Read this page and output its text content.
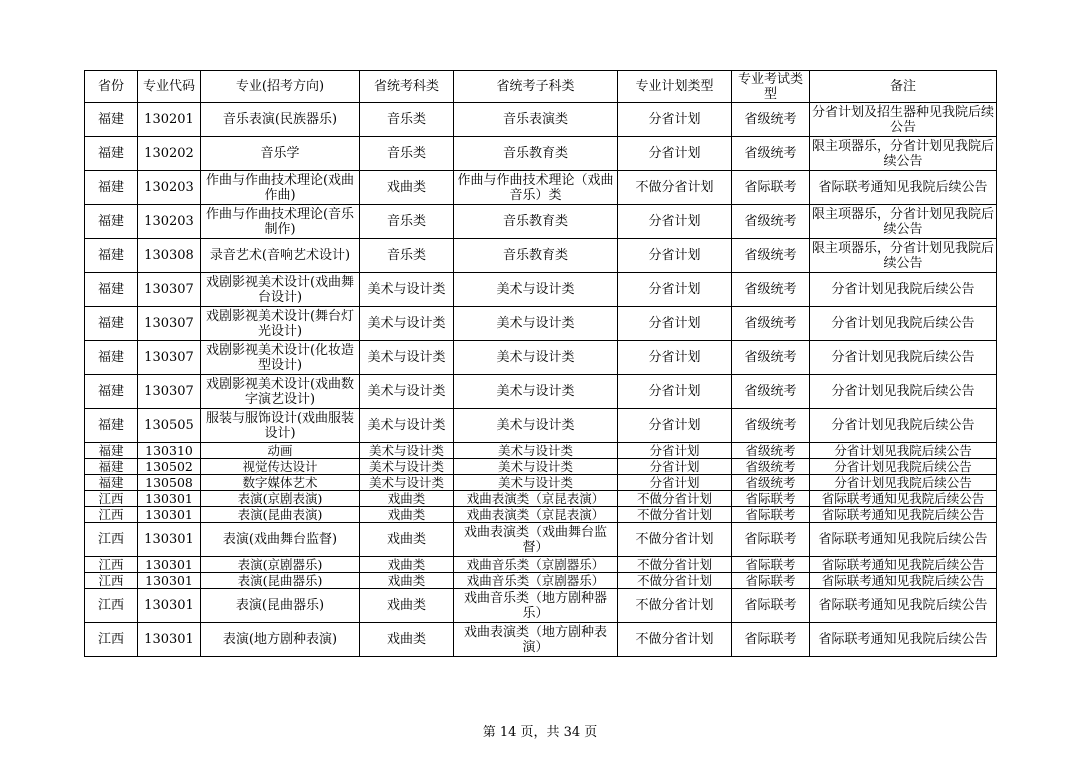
省份	专业代码	专业(招考方向)	省统考科类	省统考子科类	专业计划类型	专业考试类型	备注
福建	130201	音乐表演(民族器乐)	音乐类	音乐表演类	分省计划	省级统考	分省计划及招生器种见我院后续公告
福建	130202	音乐学	音乐类	音乐教育类	分省计划	省级统考	限主项器乐，分省计划见我院后续公告
福建	130203	作曲与作曲技术理论(戏曲作曲)	戏曲类	作曲与作曲技术理论（戏曲音乐）类	不做分省计划	省际联考	省际联考通知见我院后续公告
福建	130203	作曲与作曲技术理论(音乐制作)	音乐类	音乐教育类	分省计划	省级统考	限主项器乐，分省计划见我院后续公告
福建	130308	录音艺术(音响艺术设计)	音乐类	音乐教育类	分省计划	省级统考	限主项器乐，分省计划见我院后续公告
福建	130307	戏剧影视美术设计(戏曲舞台设计)	美术与设计类	美术与设计类	分省计划	省级统考	分省计划见我院后续公告
福建	130307	戏剧影视美术设计(舞台灯光设计)	美术与设计类	美术与设计类	分省计划	省级统考	分省计划见我院后续公告
福建	130307	戏剧影视美术设计(化妆造型设计)	美术与设计类	美术与设计类	分省计划	省级统考	分省计划见我院后续公告
福建	130307	戏剧影视美术设计(戏曲数字演艺设计)	美术与设计类	美术与设计类	分省计划	省级统考	分省计划见我院后续公告
福建	130505	服装与服饰设计(戏曲服装设计)	美术与设计类	美术与设计类	分省计划	省级统考	分省计划见我院后续公告
福建	130310	动画	美术与设计类	美术与设计类	分省计划	省级统考	分省计划见我院后续公告
福建	130502	视觉传达设计	美术与设计类	美术与设计类	分省计划	省级统考	分省计划见我院后续公告
福建	130508	数字媒体艺术	美术与设计类	美术与设计类	分省计划	省级统考	分省计划见我院后续公告
江西	130301	表演(京剧表演)	戏曲类	戏曲表演类（京昆表演）	不做分省计划	省际联考	省际联考通知见我院后续公告
江西	130301	表演(昆曲表演)	戏曲类	戏曲表演类（京昆表演）	不做分省计划	省际联考	省际联考通知见我院后续公告
江西	130301	表演(戏曲舞台监督)	戏曲类	戏曲表演类（戏曲舞台监督）	不做分省计划	省际联考	省际联考通知见我院后续公告
江西	130301	表演(京剧器乐)	戏曲类	戏曲音乐类（京剧器乐）	不做分省计划	省际联考	省际联考通知见我院后续公告
江西	130301	表演(昆曲器乐)	戏曲类	戏曲音乐类（京剧器乐）	不做分省计划	省际联考	省际联考通知见我院后续公告
江西	130301	表演(昆曲器乐)	戏曲类	戏曲音乐类（地方剧种器乐）	不做分省计划	省际联考	省际联考通知见我院后续公告
江西	130301	表演(地方剧种表演)	戏曲类	戏曲表演类（地方剧种表演）	不做分省计划	省际联考	省际联考通知见我院后续公告
第 14 页，共 34 页
